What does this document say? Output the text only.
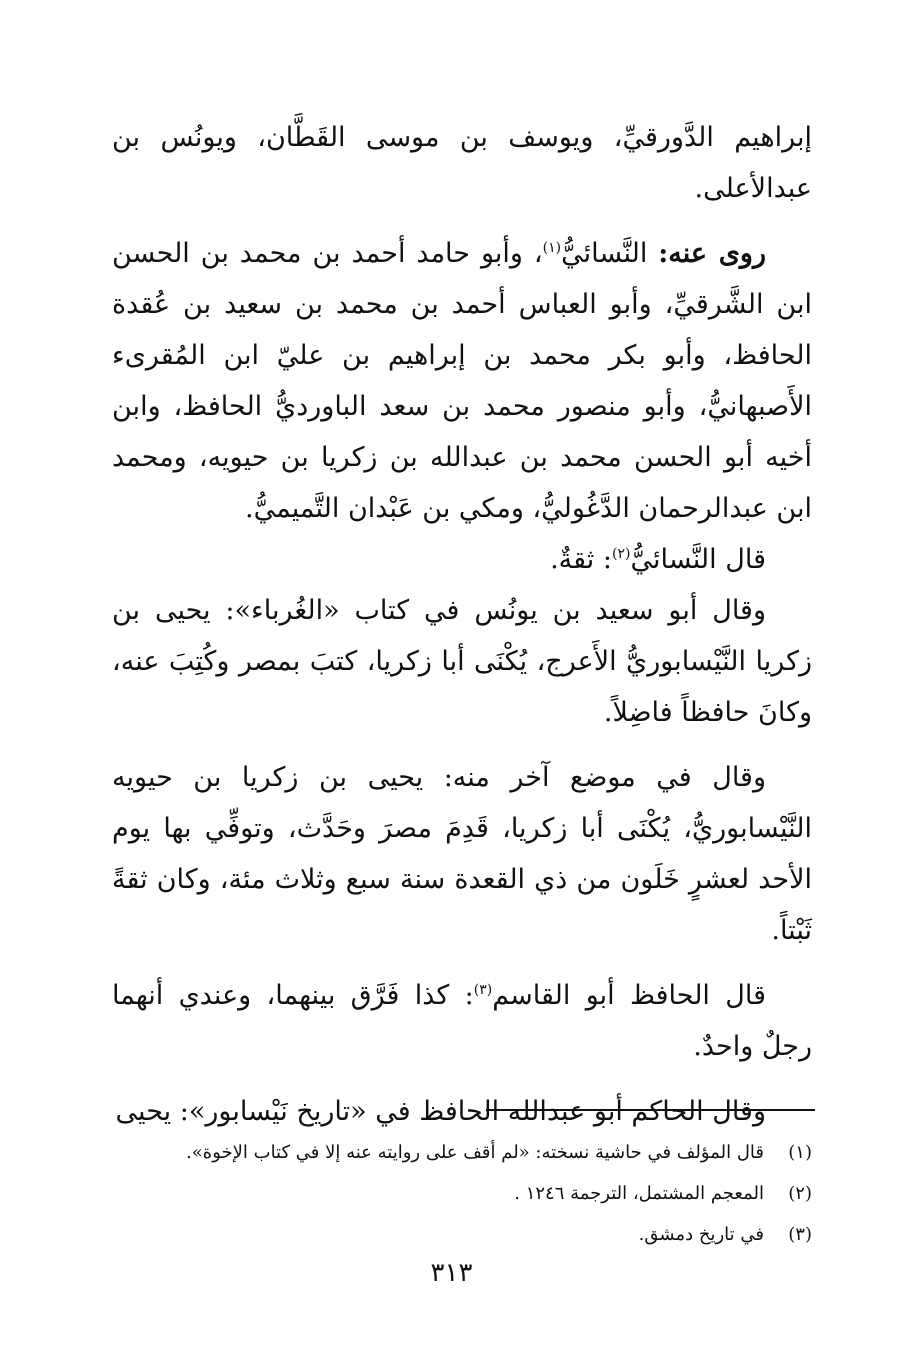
إبراهيم الدَّورقيِّ، ويوسف بن موسى القَطَّان، ويونُس بن عبدالأعلى.

روى عنه: النَّسائيُّ$^{(١)}$، وأبو حامد أحمد بن محمد بن الحسن ابن الشَّرقيِّ، وأبو العباس أحمد بن محمد بن سعيد بن عُقدة الحافظ، وأبو بكر محمد بن إبراهيم بن عليّ ابن المُقرىء الأَصبهانيُّ، وأبو منصور محمد بن سعد الباورديُّ الحافظ، وابن أخيه أبو الحسن محمد بن عبدالله بن زكريا بن حيويه، ومحمد ابن عبدالرحمان الدَّغُوليُّ، ومكي بن عَبْدان التَّميميُّ.

قال النَّسائيُّ$^{(٢)}$: ثقةٌ.

وقال أبو سعيد بن يونُس في كتاب «الغُرباء»: يحيى بن زكريا النَّيْسابوريُّ الأَعرج، يُكْنَى أبا زكريا، كتبَ بمصر وكُتِبَ عنه، وكانَ حافظاً فاضِلاً.

وقال في موضع آخر منه: يحيى بن زكريا بن حيويه النَّيْسابوريُّ، يُكْنَى أبا زكريا، قَدِمَ مصرَ وحَدَّث، وتوفِّي بها يوم الأحد لعشرٍ خَلَون من ذي القعدة سنة سبع وثلاث مئة، وكان ثقةً ثَبْتاً.

قال الحافظ أبو القاسم$^{(٣)}$: كذا فَرَّق بينهما، وعندي أنهما رجلٌ واحدٌ.

وقال الحاكم أبو عبدالله الحافظ في «تاريخ نَيْسابور»: يحيى

(١)قال المؤلف في حاشية نسخته: «لم أقف على روايته عنه إلا في كتاب الإخوة».
(٢)المعجم المشتمل، الترجمة ١٢٤٦ .
(٣)في تاريخ دمشق.
٣١٣
